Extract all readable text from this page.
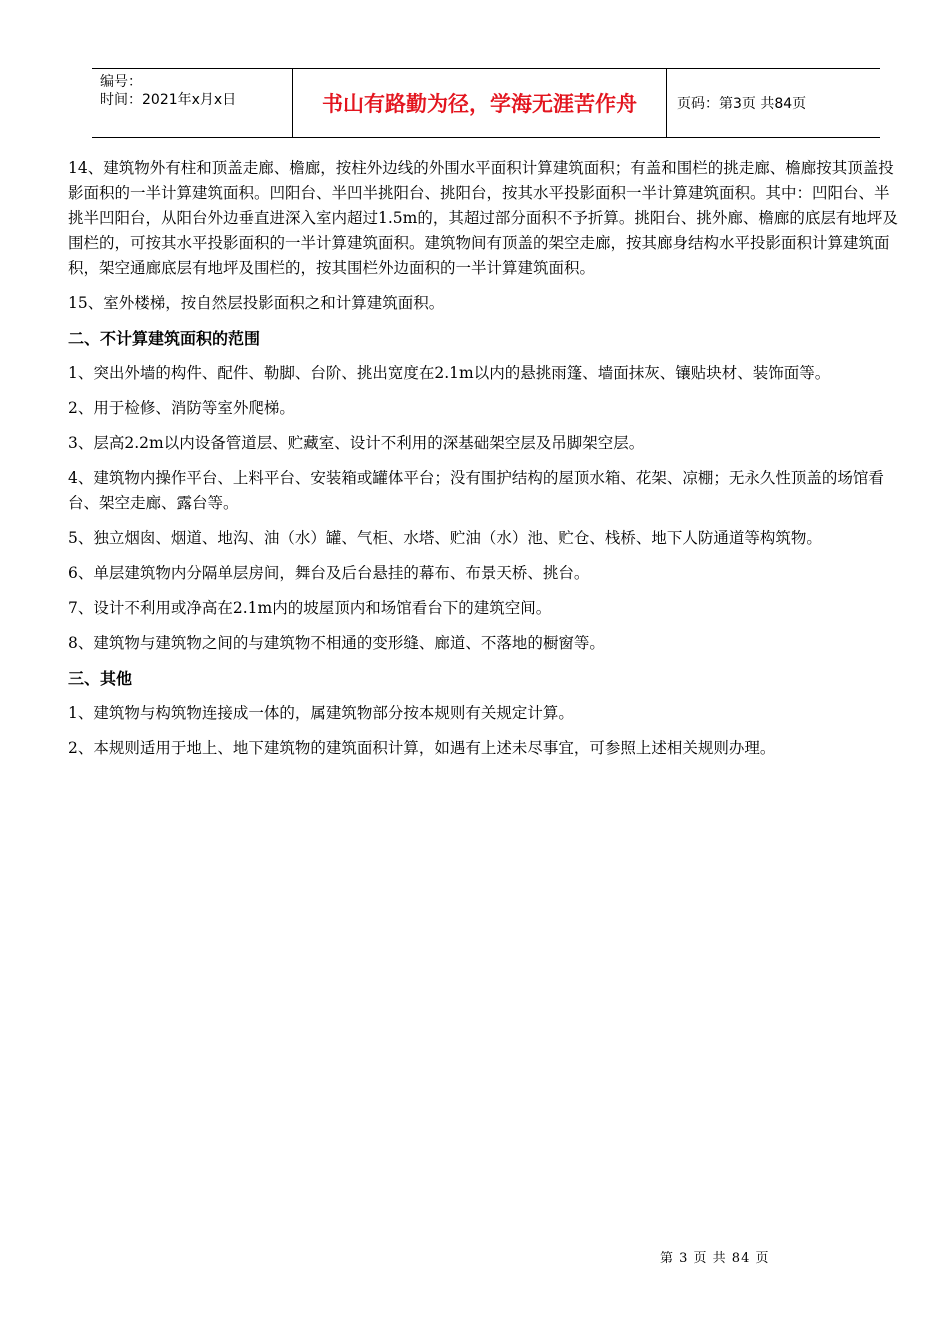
编号：
时间：2021年x月x日	书山有路勤为径，学海无涯苦作舟	页码：第3页 共84页

14、建筑物外有柱和顶盖走廊、檐廊，按柱外边线的外围水平面积计算建筑面积；有盖和围栏的挑走廊、檐廊按其顶盖投影面积的一半计算建筑面积。凹阳台、半凹半挑阳台、挑阳台，按其水平投影面积一半计算建筑面积。其中：凹阳台、半挑半凹阳台，从阳台外边垂直进深入室内超过1.5m的，其超过部分面积不予折算。挑阳台、挑外廊、檐廊的底层有地坪及围栏的，可按其水平投影面积的一半计算建筑面积。建筑物间有顶盖的架空走廊，按其廊身结构水平投影面积计算建筑面积，架空通廊底层有地坪及围栏的，按其围栏外边面积的一半计算建筑面积。

15、室外楼梯，按自然层投影面积之和计算建筑面积。

二、不计算建筑面积的范围

1、突出外墙的构件、配件、勒脚、台阶、挑出宽度在2.1m以内的悬挑雨篷、墙面抹灰、镶贴块材、装饰面等。

2、用于检修、消防等室外爬梯。

3、层高2.2m以内设备管道层、贮藏室、设计不利用的深基础架空层及吊脚架空层。

4、建筑物内操作平台、上料平台、安装箱或罐体平台；没有围护结构的屋顶水箱、花架、凉棚；无永久性顶盖的场馆看台、架空走廊、露台等。

5、独立烟囱、烟道、地沟、油（水）罐、气柜、水塔、贮油（水）池、贮仓、栈桥、地下人防通道等构筑物。

6、单层建筑物内分隔单层房间，舞台及后台悬挂的幕布、布景天桥、挑台。

7、设计不利用或净高在2.1m内的坡屋顶内和场馆看台下的建筑空间。

8、建筑物与建筑物之间的与建筑物不相通的变形缝、廊道、不落地的橱窗等。

三、其他

1、建筑物与构筑物连接成一体的，属建筑物部分按本规则有关规定计算。

2、本规则适用于地上、地下建筑物的建筑面积计算，如遇有上述未尽事宜，可参照上述相关规则办理。

第 3 页 共 84 页
